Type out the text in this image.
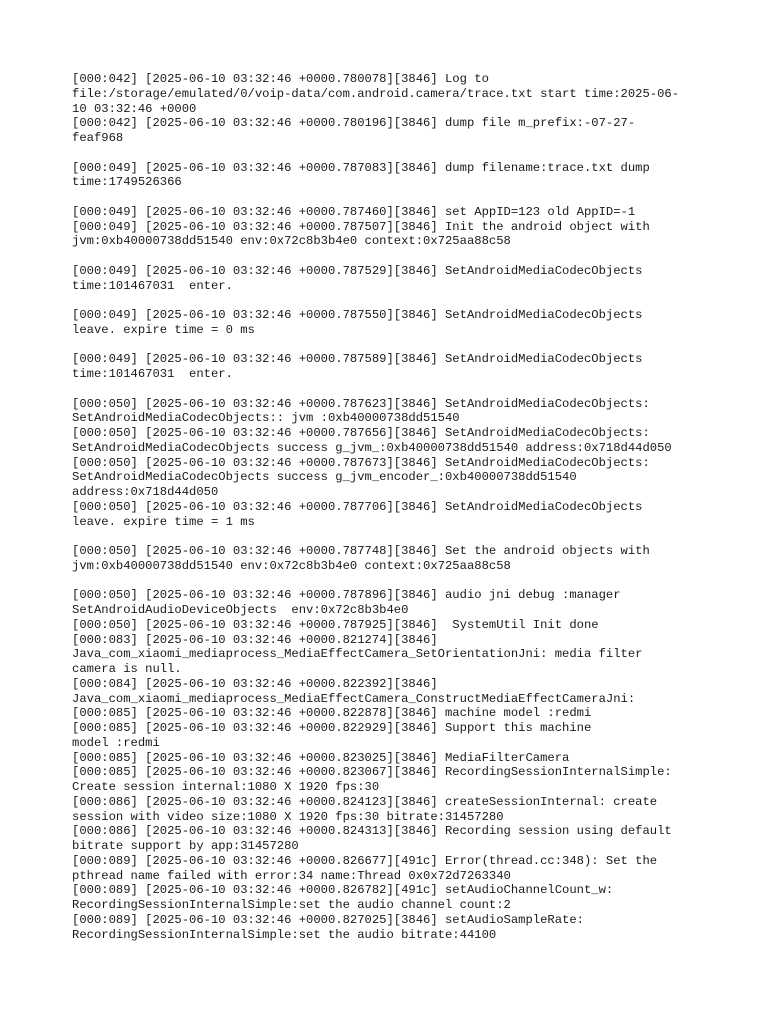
[000:042] [2025-06-10 03:32:46 +0000.780078][3846] Log to
file:/storage/emulated/0/voip-data/com.android.camera/trace.txt start time:2025-06-
10 03:32:46 +0000
[000:042] [2025-06-10 03:32:46 +0000.780196][3846] dump file m_prefix:-07-27-
feaf968
[000:049] [2025-06-10 03:32:46 +0000.787083][3846] dump filename:trace.txt dump
time:1749526366
[000:049] [2025-06-10 03:32:46 +0000.787460][3846] set AppID=123 old AppID=-1
[000:049] [2025-06-10 03:32:46 +0000.787507][3846] Init the android object with
jvm:0xb40000738dd51540 env:0x72c8b3b4e0 context:0x725aa88c58
[000:049] [2025-06-10 03:32:46 +0000.787529][3846] SetAndroidMediaCodecObjects
time:101467031  enter.
[000:049] [2025-06-10 03:32:46 +0000.787550][3846] SetAndroidMediaCodecObjects
leave. expire time = 0 ms
[000:049] [2025-06-10 03:32:46 +0000.787589][3846] SetAndroidMediaCodecObjects
time:101467031  enter.
[000:050] [2025-06-10 03:32:46 +0000.787623][3846] SetAndroidMediaCodecObjects:
SetAndroidMediaCodecObjects:: jvm :0xb40000738dd51540
[000:050] [2025-06-10 03:32:46 +0000.787656][3846] SetAndroidMediaCodecObjects:
SetAndroidMediaCodecObjects success g_jvm_:0xb40000738dd51540 address:0x718d44d050
[000:050] [2025-06-10 03:32:46 +0000.787673][3846] SetAndroidMediaCodecObjects:
SetAndroidMediaCodecObjects success g_jvm_encoder_:0xb40000738dd51540
address:0x718d44d050
[000:050] [2025-06-10 03:32:46 +0000.787706][3846] SetAndroidMediaCodecObjects
leave. expire time = 1 ms
[000:050] [2025-06-10 03:32:46 +0000.787748][3846] Set the android objects with
jvm:0xb40000738dd51540 env:0x72c8b3b4e0 context:0x725aa88c58
[000:050] [2025-06-10 03:32:46 +0000.787896][3846] audio jni debug :manager
SetAndroidAudioDeviceObjects  env:0x72c8b3b4e0
[000:050] [2025-06-10 03:32:46 +0000.787925][3846]  SystemUtil Init done
[000:083] [2025-06-10 03:32:46 +0000.821274][3846]
Java_com_xiaomi_mediaprocess_MediaEffectCamera_SetOrientationJni: media filter
camera is null.
[000:084] [2025-06-10 03:32:46 +0000.822392][3846]
Java_com_xiaomi_mediaprocess_MediaEffectCamera_ConstructMediaEffectCameraJni:
[000:085] [2025-06-10 03:32:46 +0000.822878][3846] machine model :redmi
[000:085] [2025-06-10 03:32:46 +0000.822929][3846] Support this machine
model :redmi
[000:085] [2025-06-10 03:32:46 +0000.823025][3846] MediaFilterCamera
[000:085] [2025-06-10 03:32:46 +0000.823067][3846] RecordingSessionInternalSimple:
Create session internal:1080 X 1920 fps:30
[000:086] [2025-06-10 03:32:46 +0000.824123][3846] createSessionInternal: create
session with video size:1080 X 1920 fps:30 bitrate:31457280
[000:086] [2025-06-10 03:32:46 +0000.824313][3846] Recording session using default
bitrate support by app:31457280
[000:089] [2025-06-10 03:32:46 +0000.826677][491c] Error(thread.cc:348): Set the
pthread name failed with error:34 name:Thread 0x0x72d7263340
[000:089] [2025-06-10 03:32:46 +0000.826782][491c] setAudioChannelCount_w:
RecordingSessionInternalSimple:set the audio channel count:2
[000:089] [2025-06-10 03:32:46 +0000.827025][3846] setAudioSampleRate:
RecordingSessionInternalSimple:set the audio bitrate:44100
